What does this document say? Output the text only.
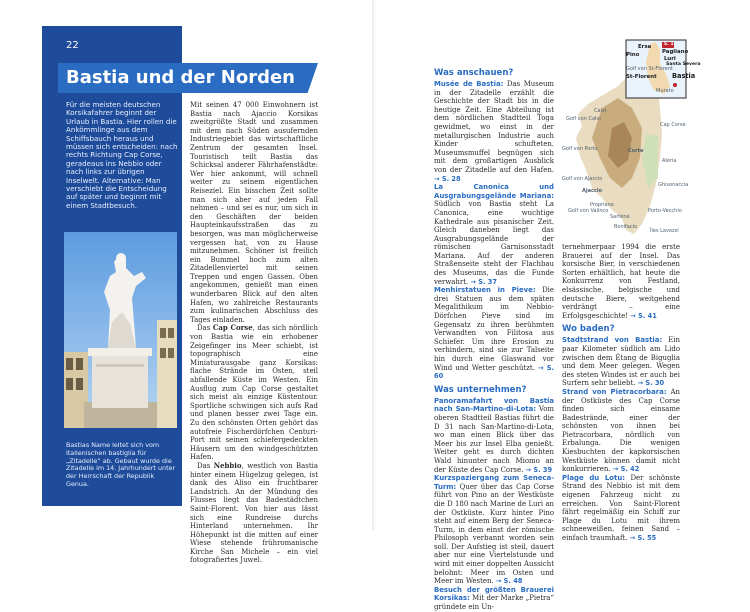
22
Bastia und der Norden
Für die meisten deutschen Korsikafahrer beginnt der Urlaub in Bastia. Hier rollen die Ankömmlinge aus dem Schiffsbauch heraus und müssen sich entscheiden: nach rechts Richtung Cap Corse, geradeaus ins Nebbio oder nach links zur übrigen Inselwelt. Alternative: Man verschiebt die Entscheidung auf später und beginnt mit einem Stadtbesuch.
Bastias Name leitet sich vom italienischen bastiglia für „Zitadelle“ ab. Gebaut wurde die Zitadelle im 14. Jahrhundert unter der Herrschaft der Republik Genua.

Mit seinen 47 000 Einwohnern ist Bastia nach Ajaccio Korsikas zweitgrößte Stadt und zusammen mit dem nach Süden ausufernden Industriegebiet das wirtschaftliche Zentrum der gesamten Insel. Touristisch teilt Bastia das Schicksal anderer Fährhafenstädte: Wer hier ankommt, will schnell weiter zu seinem eigentlichen Reiseziel. Ein bisschen Zeit sollte man sich aber auf jeden Fall nehmen – und sei es nur, um sich in den Geschäften der beiden Haupteinkaufsstraßen das zu besorgen, was man möglicherweise vergessen hat, von zu Hause mitzunehmen. Schöner ist freilich ein Bummel hoch zum alten Zitadellenviertel mit seinen Treppen und engen Gassen. Oben angekommen, genießt man einen wunderbaren Blick auf den alten Hafen, wo zahlreiche Restaurants zum kulinarischen Abschluss des Tages einladen.

Das Cap Corse, das sich nördlich von Bastia wie ein erhobener Zeigefinger ins Meer schiebt, ist topographisch eine Miniaturausgabe ganz Korsikas: flache Strände im Osten, steil abfallende Küste im Westen. Ein Ausflug zum Cap Corse gestaltet sich meist als einzige Küstentour. Sportliche schwingen sich aufs Rad und planen besser zwei Tage ein. Zu den schönsten Orten gehört das autofreie Fischerdörfchen Centuri-Port mit seinen schiefergedeckten Häusern um den windgeschützten Hafen.

Das Nebbio, westlich von Bastia hinter einem Hügelzug gelegen, ist dank des Aliso ein fruchtbarer Landstrich. An der Mündung des Flusses liegt das Badestädtchen Saint-Florent. Von hier aus lässt sich eine Rundreise durchs Hinterland unternehmen. Ihr Höhepunkt ist die mitten auf einer Wiese stehende frühromanische Kirche San Michele – ein viel fotografiertes Juwel.

Was anschauen?

Musée de Bastia: Das Museum in der Zitadelle erzählt die Geschichte der Stadt bis in die heutige Zeit. Eine Abteilung ist dem nördlichen Stadtteil Toga gewidmet, wo einst in der metallurgischen Industrie auch Kinder schufteten. Museumsmuffel begnügen sich mit dem großartigen Ausblick von der Zitadelle auf den Hafen. → S. 28

La Canonica und Ausgrabungsgelände Mariana: Südlich von Bastia steht La Canonica, eine wuchtige Kathedrale aus pisanischer Zeit. Gleich daneben liegt das Ausgrabungsgelände der römischen Garnisonsstadt Mariana. Auf der anderen Straßenseite steht der Flachbau des Museums, das die Funde verwahrt. → S. 37

Menhirstatuen in Pieve: Die drei Statuen aus dem späten Megalithikum im Nebbio-Dörfchen Pieve sind im Gegensatz zu ihren berühmten Verwandten von Filitosa aus Schiefer. Um ihre Erosion zu verhindern, sind sie zur Talseite hin durch eine Glaswand vor Wind und Wetter geschützt. → S. 60

Was unternehmen?

Panoramafahrt von Bastia nach San-Martino-di-Lota: Vom oberen Stadtteil Bastias führt die D 31 nach San-Martino-di-Lota, wo man einen Blick über das Meer bis zur Insel Elba genießt. Weiter geht es durch dichten Wald hinunter nach Miomo an der Küste des Cap Corse. → S. 39

Kurzspaziergang zum Seneca-Turm: Quer über das Cap Corse führt von Pino an der Westküste die D 180 nach Marine de Luri an der Ostküste. Kurz hinter Pino steht auf einem Berg der Seneca-Turm, in dem einst der römische Philosoph verbannt worden sein soll. Der Aufstieg ist steil, dauert aber nur eine Viertelstunde und wird mit einer doppelten Aussicht belohnt: Meer im Osten und Meer im Westen. → S. 48

Besuch der größten Brauerei Korsikas: Mit der Marke „Pietra“ gründete ein Un-

Ersa	S. 1
Pino	Pagliano
Luri
Santa Severa
Golf von St-Florent
St-Florent Bastia
Murato
Golf von Calvi
Calvi
Golf von Porto	Corte
Golf von Ajaccio
Ajaccio
Golf von Valinco
Bonifacio
Îles Lavezzi
Cap Corse
Aléria
Ghisonaccia
Porto-Vecchio
Propriano
Sartène

ternehmerpaar 1994 die erste Brauerei auf der Insel. Das korsische Bier, in verschiedenen Sorten erhältlich, hat heute die Konkurrenz von Festland, elsässische, belgische und deutsche Biere, weitgehend verdrängt – eine Erfolgsgeschichte! → S. 41

Wo baden?

Stadtstrand von Bastia: Ein paar Kilometer südlich am Lido zwischen dem Étang de Biguglia und dem Meer gelegen. Wegen des steten Windes ist er auch bei Surfern sehr beliebt. → S. 30

Strand von Pietracorbara: An der Ostküste des Cap Corse finden sich einsame Badestrände, einer der schönsten von ihnen bei Pietracorbara, nördlich von Erbalunga. Die wenigen Kiesbuchten der kapkorsischen Westküste können damit nicht konkurrieren. → S. 42

Plage du Lotu: Der schönste Strand des Nebbio ist mit dem eigenen Fahrzeug nicht zu erreichen. Von Saint-Florent fährt regelmäßig ein Schiff zur Plage du Lotu mit ihrem schneeweißen, feinen Sand – einfach traumhaft. → S. 55
